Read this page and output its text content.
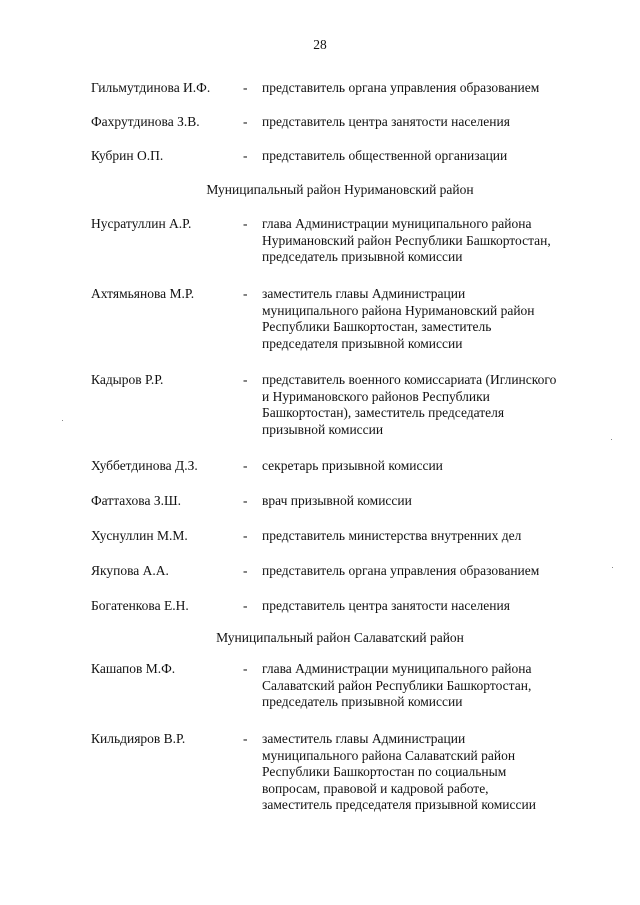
28
Гильмутдинова И.Ф. - представитель органа управления образованием
Фахрутдинова З.В.	- представитель центра занятости населения
Кубрин О.П.	- представитель общественной организации
Муниципальный район Нуримановский район
Нусратуллин А.Р.	- глава Администрации муниципального района
Нуримановский район Республики Башкортостан,
председатель призывной комиссии
Ахтямьянова М.Р.	- заместитель главы Администрации
муниципального района Нуримановский район
Республики Башкортостан, заместитель
председателя призывной комиссии
Кадыров Р.Р.	- представитель военного комиссариата (Иглинского
и Нуримановского районов Республики
Башкортостан), заместитель председателя
призывной комиссии
Хуббетдинова Д.З.	- секретарь призывной комиссии
Фаттахова З.Ш.	- врач призывной комиссии
Хуснуллин М.М.	- представитель министерства внутренних дел
Якупова А.А.	- представитель органа управления образованием
Богатенкова Е.Н.	- представитель центра занятости населения
Муниципальный район Салаватский район
Кашапов М.Ф.	- глава Администрации муниципального района
Салаватский район Республики Башкортостан,
председатель призывной комиссии
Кильдияров В.Р.	- заместитель главы Администрации
муниципального района Салаватский район
Республики Башкортостан по социальным
вопросам, правовой и кадровой работе,
заместитель председателя призывной комиссии
